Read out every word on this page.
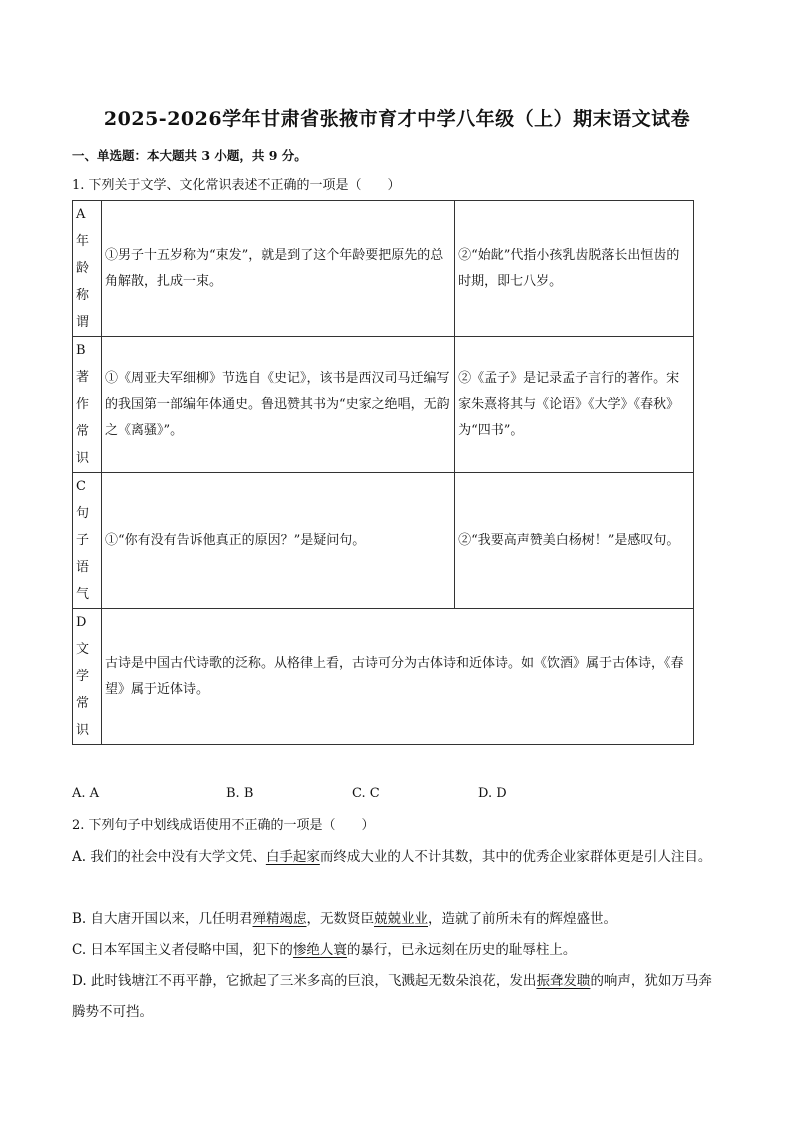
2025-2026学年甘肃省张掖市育才中学八年级（上）期末语文试卷
一、单选题：本大题共 3 小题，共 9 分。
1. 下列关于文学、文化常识表述不正确的一项是（　　）
A年龄称谓	①男子十五岁称为“束发”，就是到了这个年龄要把原先的总角解散，扎成一束。	②“始龀”代指小孩乳齿脱落长出恒齿的时期，即七八岁。
B著作常识	①《周亚夫军细柳》节选自《史记》，该书是西汉司马迁编写的我国第一部编年体通史。鲁迅赞其书为“史家之绝唱，无韵之《离骚》”。	②《孟子》是记录孟子言行的著作。宋家朱熹将其与《论语》《大学》《春秋》为“四书”。
C句子语气	①“你有没有告诉他真正的原因？”是疑问句。	②“我要高声赞美白杨树！”是感叹句。
D文学常识	古诗是中国古代诗歌的泛称。从格律上看，古诗可分为古体诗和近体诗。如《饮酒》属于古体诗，《春望》属于近体诗。	
A. A	B. B	C. C	D. D
2. 下列句子中划线成语使用不正确的一项是（　　）
A. 我们的社会中没有大学文凭、白手起家而终成大业的人不计其数，其中的优秀企业家群体更是引人注目。
B. 自大唐开国以来，几任明君殚精竭虑，无数贤臣兢兢业业，造就了前所未有的辉煌盛世。
C. 日本军国主义者侵略中国，犯下的惨绝人寰的暴行，已永远刻在历史的耻辱柱上。
D. 此时钱塘江不再平静，它掀起了三米多高的巨浪，飞溅起无数朵浪花，发出振聋发聩的响声，犹如万马奔腾势不可挡。
